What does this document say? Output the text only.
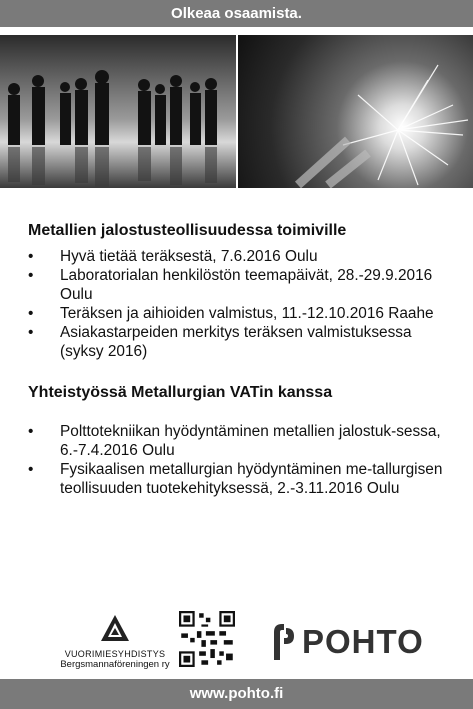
Olkeaa osaamista.
Metallien jalostusteollisuudessa toimiville
• Hyvä tietää teräksestä, 7.6.2016 Oulu
• Laboratorialan henkilöstön teemapäivät, 28.-29.9.2016 Oulu
• Teräksen ja aihioiden valmistus, 11.-12.10.2016 Raahe
• Asiakastarpeiden merkitys teräksen valmistuksessa (syksy 2016)
Yhteistyössä Metallurgian VATin kanssa
• Polttotekniikan hyödyntäminen metallien jalostuk-sessa, 6.-7.4.2016 Oulu
• Fysikaalisen metallurgian hyödyntäminen me-tallurgisen teollisuuden tuotekehityksessä, 2.-3.11.2016 Oulu
VUORIMIESYHDISTYS
Bergsmannaföreningen ry
POHTO
www.pohto.fi
